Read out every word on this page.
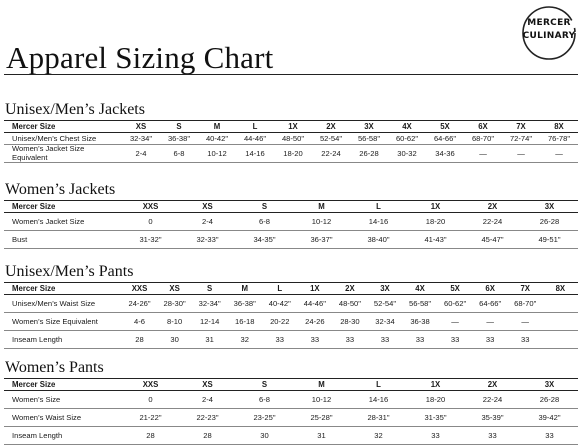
Apparel Sizing Chart
MERCER
CULINARY
Unisex/Men’s Jackets
Mercer Size	XS	S	M	L	1X	2X	3X	4X	5X	6X	7X	8X
Unisex/Men’s Chest Size	32-34"	36-38"	40-42"	44-46"	48-50"	52-54"	56-58"	60-62"	64-66"	68-70"	72-74"	76-78"
Women’s Jacket Size Equivalent	2-4	6-8	10-12	14-16	18-20	22-24	26-28	30-32	34-36	—	—	—
Women’s Jackets
Mercer Size	XXS	XS	S	M	L	1X	2X	3X
Women’s Jacket Size	0	2-4	6-8	10-12	14-16	18-20	22-24	26-28
Bust	31-32"	32-33"	34-35"	36-37"	38-40"	41-43"	45-47"	49-51"
Unisex/Men’s Pants
Mercer Size	XXS	XS	S	M	L	1X	2X	3X	4X	5X	6X	7X	8X
Unisex/Men’s Waist Size	24-26"	28-30"	32-34"	36-38"	40-42"	44-46"	48-50"	52-54"	56-58"	60-62"	64-66"	68-70"	
Women’s Size Equivalent	4-6	8-10	12-14	16-18	20-22	24-26	28-30	32-34	36-38	—	—	—	
Inseam Length	28	30	31	32	33	33	33	33	33	33	33	33	
Women’s Pants
Mercer Size	XXS	XS	S	M	L	1X	2X	3X
Women’s Size	0	2-4	6-8	10-12	14-16	18-20	22-24	26-28
Women’s Waist Size	21-22"	22-23"	23-25"	25-28"	28-31"	31-35"	35-39"	39-42"
Inseam Length	28	28	30	31	32	33	33	33
